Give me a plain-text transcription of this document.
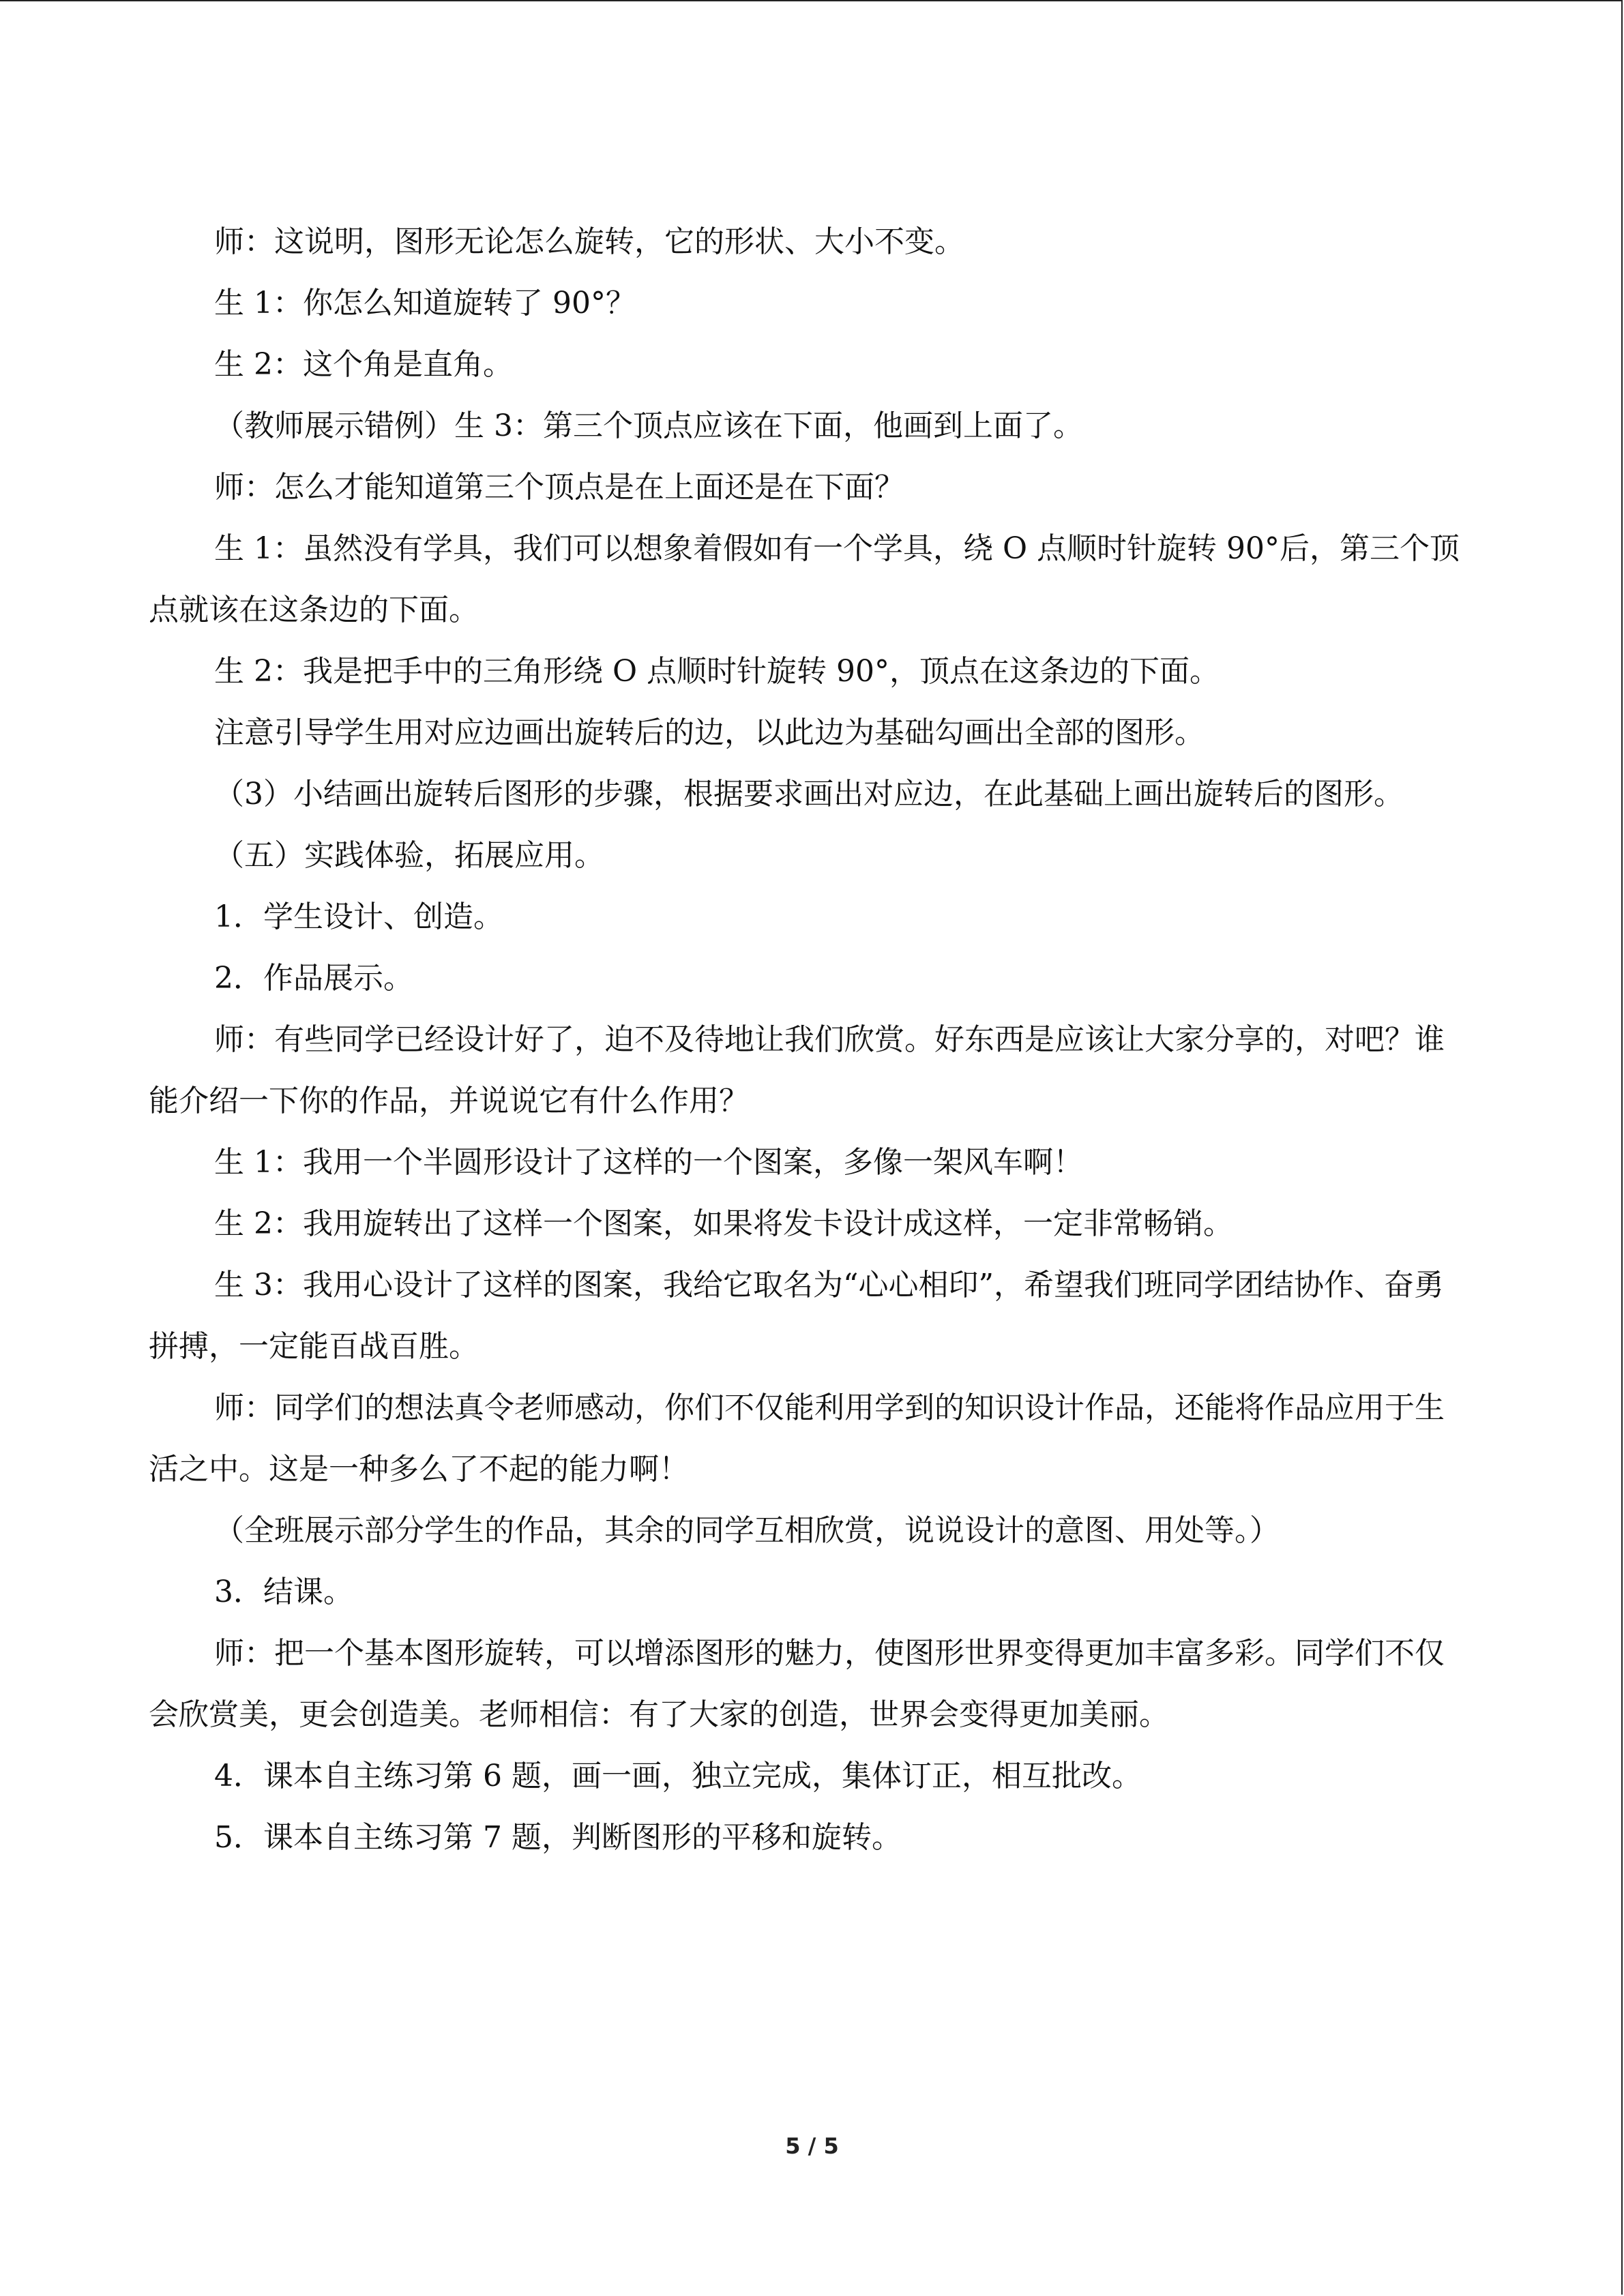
师：这说明，图形无论怎么旋转，它的形状、大小不变。

生 1：你怎么知道旋转了 90°？

生 2：这个角是直角。

（教师展示错例）生 3：第三个顶点应该在下面，他画到上面了。

师：怎么才能知道第三个顶点是在上面还是在下面？

生 1：虽然没有学具，我们可以想象着假如有一个学具，绕 O 点顺时针旋转 90°后，第三个顶点就该在这条边的下面。

生 2：我是把手中的三角形绕 O 点顺时针旋转 90°，顶点在这条边的下面。

注意引导学生用对应边画出旋转后的边，以此边为基础勾画出全部的图形。

（3）小结画出旋转后图形的步骤，根据要求画出对应边，在此基础上画出旋转后的图形。

（五）实践体验，拓展应用。

1．学生设计、创造。

2．作品展示。

师：有些同学已经设计好了，迫不及待地让我们欣赏。好东西是应该让大家分享的，对吧？谁能介绍一下你的作品，并说说它有什么作用？

生 1：我用一个半圆形设计了这样的一个图案，多像一架风车啊！

生 2：我用旋转出了这样一个图案，如果将发卡设计成这样，一定非常畅销。

生 3：我用心设计了这样的图案，我给它取名为“心心相印”，希望我们班同学团结协作、奋勇拼搏，一定能百战百胜。

师：同学们的想法真令老师感动，你们不仅能利用学到的知识设计作品，还能将作品应用于生活之中。这是一种多么了不起的能力啊！

（全班展示部分学生的作品，其余的同学互相欣赏，说说设计的意图、用处等。）

3．结课。

师：把一个基本图形旋转，可以增添图形的魅力，使图形世界变得更加丰富多彩。同学们不仅会欣赏美，更会创造美。老师相信：有了大家的创造，世界会变得更加美丽。

4．课本自主练习第 6 题，画一画，独立完成，集体订正，相互批改。

5．课本自主练习第 7 题，判断图形的平移和旋转。

5 / 5
